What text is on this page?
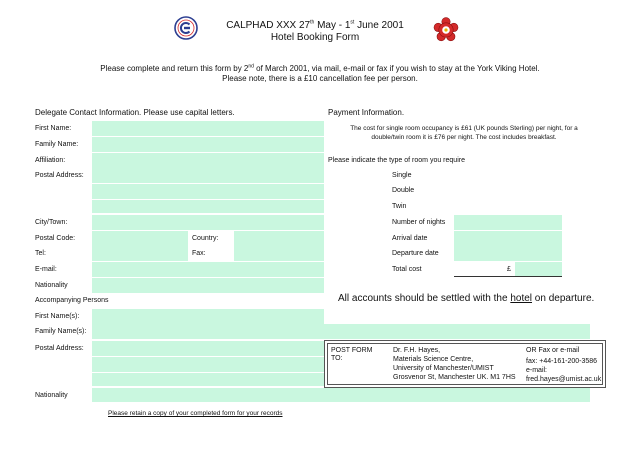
CALPHAD XXX 27th May - 1st June 2001
Hotel Booking Form
Please complete and return this form by 2nd of March 2001, via mail, e-mail or fax if you wish to stay at the York Viking Hotel.
Please note, there is a £10 cancellation fee per person.
Delegate Contact Information. Please use capital letters.
First Name:
Family Name:
Affiliation:
Postal Address:
City/Town:
Postal Code:	Country:
Tel:	Fax:
E-mail:
Nationality
Accompanying Persons
First Name(s):
Family Name(s):
Postal Address:
Nationality
Payment Information.
The cost for single room occupancy is £61 (UK pounds Sterling) per night, for a
double/twin room it is £76 per night. The cost includes breakfast.
Please indicate the type of room you require
Single
Double
Twin
Number of nights
Arrival date
Departure date
Total cost	£
All accounts should be settled with the hotel on departure.
POST FORM
TO:
Dr. F.H. Hayes,
Materials Science Centre,
University of Manchester/UMIST
Grosvenor St, Manchester UK. M1 7HS
OR Fax or e-mail
fax: +44-161-200-3586
e-mail:
fred.hayes@umist.ac.uk
Please retain a copy of your completed form for your records
